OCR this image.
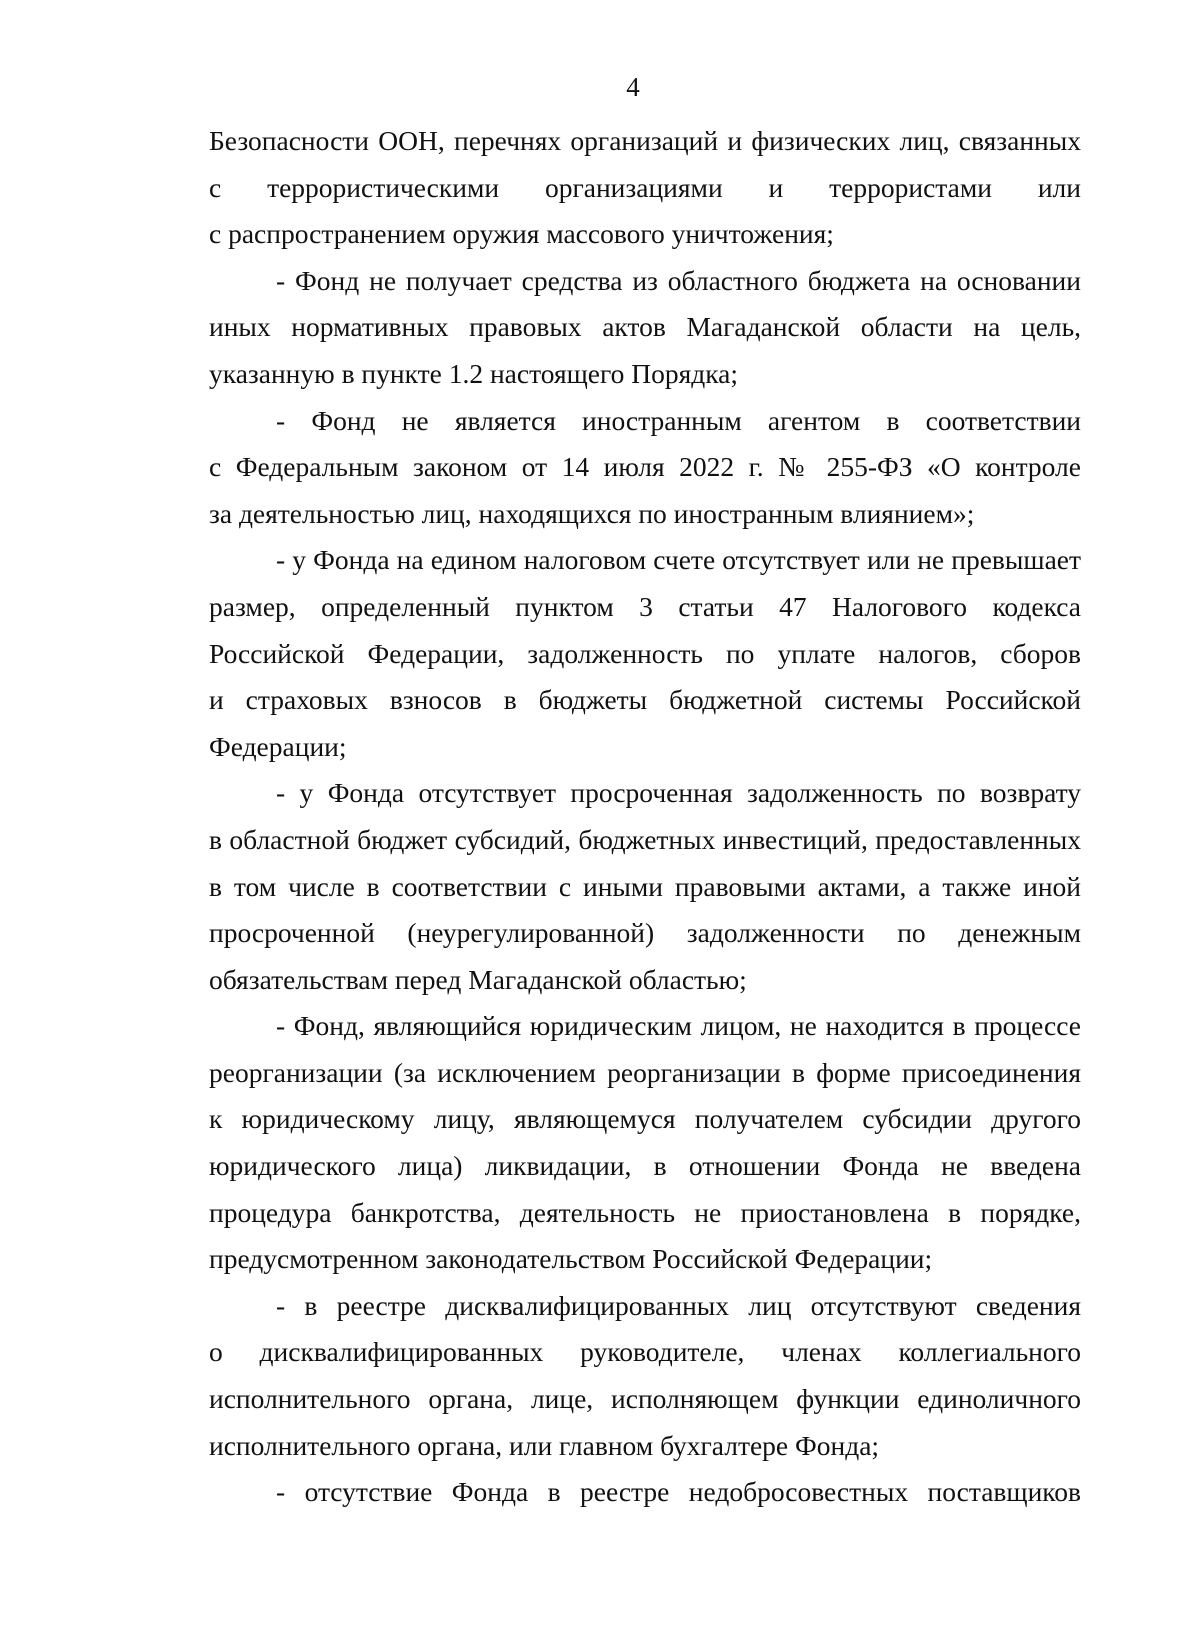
4
Безопасности ООН, перечнях организаций и физических лиц, связанных
с террористическими организациями и террористами или
с распространением оружия массового уничтожения;
- Фонд не получает средства из областного бюджета на основании
иных нормативных правовых актов Магаданской области на цель,
указанную в пункте 1.2 настоящего Порядка;
- Фонд не является иностранным агентом в соответствии
с Федеральным законом от 14 июля 2022 г. № 255-ФЗ «О контроле
за деятельностью лиц, находящихся по иностранным влиянием»;
- у Фонда на едином налоговом счете отсутствует или не превышает
размер, определенный пунктом 3 статьи 47 Налогового кодекса
Российской Федерации, задолженность по уплате налогов, сборов
и страховых взносов в бюджеты бюджетной системы Российской
Федерации;
- у Фонда отсутствует просроченная задолженность по возврату
в областной бюджет субсидий, бюджетных инвестиций, предоставленных
в том числе в соответствии с иными правовыми актами, а также иной
просроченной (неурегулированной) задолженности по денежным
обязательствам перед Магаданской областью;
- Фонд, являющийся юридическим лицом, не находится в процессе
реорганизации (за исключением реорганизации в форме присоединения
к юридическому лицу, являющемуся получателем субсидии другого
юридического лица) ликвидации, в отношении Фонда не введена
процедура банкротства, деятельность не приостановлена в порядке,
предусмотренном законодательством Российской Федерации;
- в реестре дисквалифицированных лиц отсутствуют сведения
о дисквалифицированных руководителе, членах коллегиального
исполнительного органа, лице, исполняющем функции единоличного
исполнительного органа, или главном бухгалтере Фонда;
- отсутствие Фонда в реестре недобросовестных поставщиков
